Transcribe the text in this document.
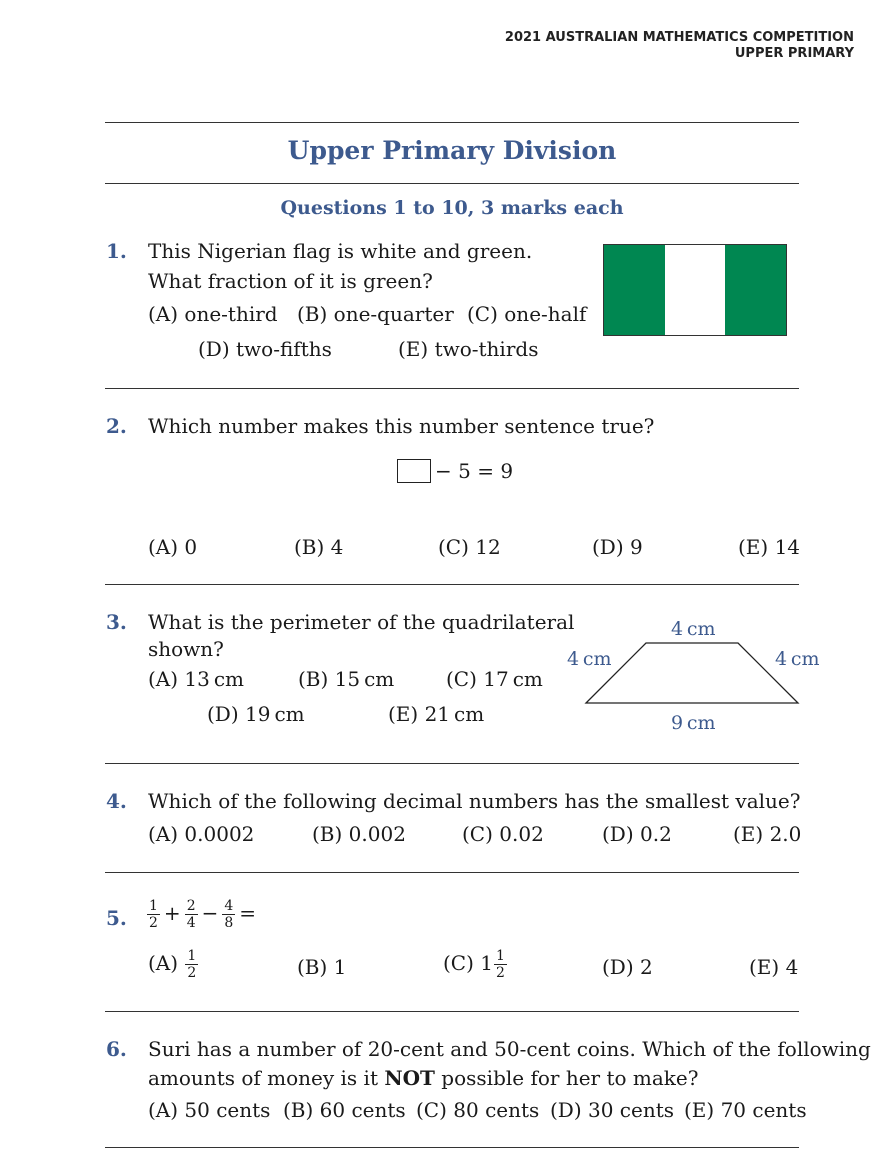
2021 AUSTRALIAN MATHEMATICS COMPETITION
UPPER PRIMARY
Upper Primary Division
Questions 1 to 10, 3 marks each
1. This Nigerian flag is white and green.
What fraction of it is green?
(A) one-third (B) one-quarter (C) one-half
(D) two-fifths	(E) two-thirds
2. Which number makes this number sentence true?
− 5 = 9
(A) 0	(B) 4	(C) 12	(D) 9	(E) 14
3. What is the perimeter of the quadrilateral
shown?
(A) 13 cm	(B) 15 cm	(C) 17 cm
(D) 19 cm	(E) 21 cm
4 cm
4 cm	4 cm
9 cm
4. Which of the following decimal numbers has the smallest value?
(A) 0.0002	(B) 0.002	(C) 0.02	(D) 0.2	(E) 2.0
5. $\frac{1}{2} + \frac{2}{4} - \frac{4}{8}$ =
$(A) \frac{1}{2}$	(B) 1	(C) $1 \frac{1}{2}$	(D) 2	(E) 4
6. Suri has a number of 20-cent and 50-cent coins. Which of the following
amounts of money is it NOT possible for her to make?
(A) 50 cents (B) 60 cents (C) 80 cents (D) 30 cents (E) 70 cents
